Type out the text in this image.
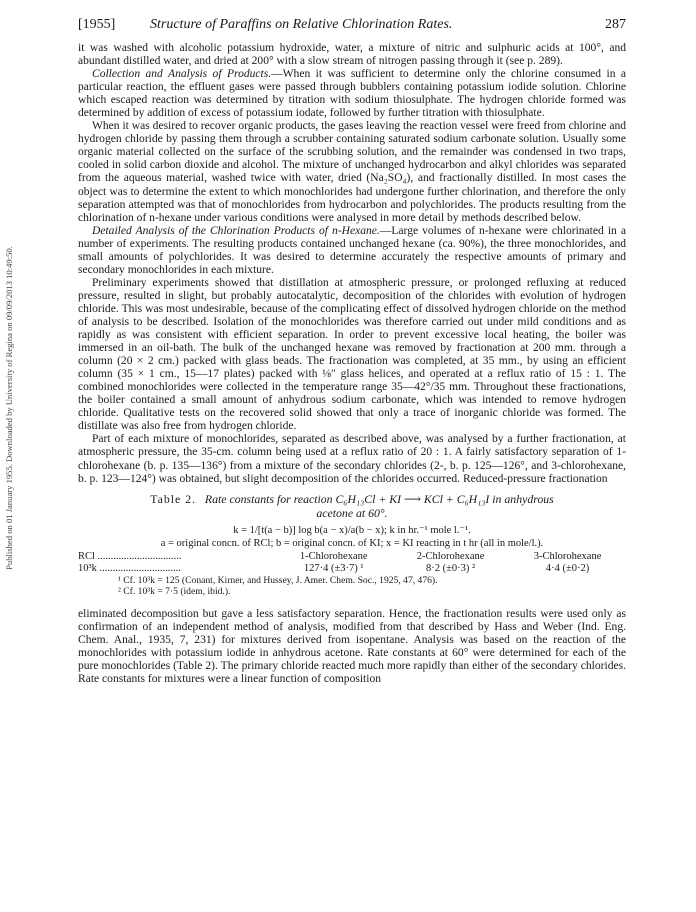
Published on 01 January 1955. Downloaded by University of Regina on 09/09/2013 10:49:50.
[1955] Structure of Paraffins on Relative Chlorination Rates.	287

it was washed with alcoholic potassium hydroxide, water, a mixture of nitric and sulphuric acids at 100°, and abundant distilled water, and dried at 200° with a slow stream of nitrogen passing through it (see p. 289).

Collection and Analysis of Products.—When it was sufficient to determine only the chlorine consumed in a particular reaction, the effluent gases were passed through bubblers containing potassium iodide solution. Chlorine which escaped reaction was determined by titration with sodium thiosulphate. The hydrogen chloride formed was determined by addition of excess of potassium iodate, followed by further titration with thiosulphate.

When it was desired to recover organic products, the gases leaving the reaction vessel were freed from chlorine and hydrogen chloride by passing them through a scrubber containing saturated sodium carbonate solution. Usually some organic material collected on the surface of the scrubbing solution, and the remainder was condensed in two traps, cooled in solid carbon dioxide and alcohol. The mixture of unchanged hydrocarbon and alkyl chlorides was separated from the aqueous material, washed twice with water, dried (Na₂SO₄), and fractionally distilled. In most cases the object was to determine the extent to which monochlorides had undergone further chlorination, and therefore the only separation attempted was that of monochlorides from hydrocarbon and polychlorides. The products resulting from the chlorination of n-hexane under various conditions were analysed in more detail by methods described below.

Detailed Analysis of the Chlorination Products of n-Hexane.—Large volumes of n-hexane were chlorinated in a number of experiments. The resulting products contained unchanged hexane (ca. 90%), the three monochlorides, and small amounts of polychlorides. It was desired to determine accurately the respective amounts of primary and secondary monochlorides in each mixture.

Preliminary experiments showed that distillation at atmospheric pressure, or prolonged refluxing at reduced pressure, resulted in slight, but probably autocatalytic, decomposition of the chlorides with evolution of hydrogen chloride. This was most undesirable, because of the complicating effect of dissolved hydrogen chloride on the method of analysis to be described. Isolation of the monochlorides was therefore carried out under mild conditions and as rapidly as was consistent with efficient separation. In order to prevent excessive local heating, the boiler was immersed in an oil-bath. The bulk of the unchanged hexane was removed by fractionation at 200 mm. through a column (20 × 2 cm.) packed with glass beads. The fractionation was completed, at 35 mm., by using an efficient column (35 × 1 cm., 15—17 plates) packed with ⅛″ glass helices, and operated at a reflux ratio of 15 : 1. The combined monochlorides were collected in the temperature range 35—42°/35 mm. Throughout these fractionations, the boiler contained a small amount of anhydrous sodium carbonate, which was intended to remove hydrogen chloride. Qualitative tests on the recovered solid showed that only a trace of inorganic chloride was formed. The distillate was also free from hydrogen chloride.

Part of each mixture of monochlorides, separated as described above, was analysed by a further fractionation, at atmospheric pressure, the 35-cm. column being used at a reflux ratio of 20 : 1. A fairly satisfactory separation of 1-chlorohexane (b. p. 135—136°) from a mixture of the secondary chlorides (2-, b. p. 125—126°, and 3-chlorohexane, b. p. 123—124°) was obtained, but slight decomposition of the chlorides occurred. Reduced-pressure fractionation

Table 2. Rate constants for reaction C₆H₁₃Cl + KI ⟶ KCl + C₆H₁₃I in anhydrous
acetone at 60°.
k = 1/[t(a − b)] log b(a − x)/a(b − x); k in hr.⁻¹ mole l.⁻¹.
a = original concn. of RCl; b = original concn. of KI; x = KI reacting in t hr (all in mole/l.).
RCl ................................	1-Chlorohexane	2-Chlorohexane	3-Chlorohexane
10³k ...............................	127·4 (±3·7) ¹	8·2 (±0·3) ²	4·4 (±0·2)
¹ Cf. 10³k = 125 (Conant, Kirner, and Hussey, J. Amer. Chem. Soc., 1925, 47, 476).
² Cf. 10³k = 7·5 (idem, ibid.).

eliminated decomposition but gave a less satisfactory separation. Hence, the fractionation results were used only as confirmation of an independent method of analysis, modified from that described by Hass and Weber (Ind. Eng. Chem. Anal., 1935, 7, 231) for mixtures derived from isopentane. Analysis was based on the reaction of the monochlorides with potassium iodide in anhydrous acetone. Rate constants at 60° were determined for each of the pure monochlorides (Table 2). The primary chloride reacted much more rapidly than either of the secondary chlorides. Rate constants for mixtures were a linear function of composition
